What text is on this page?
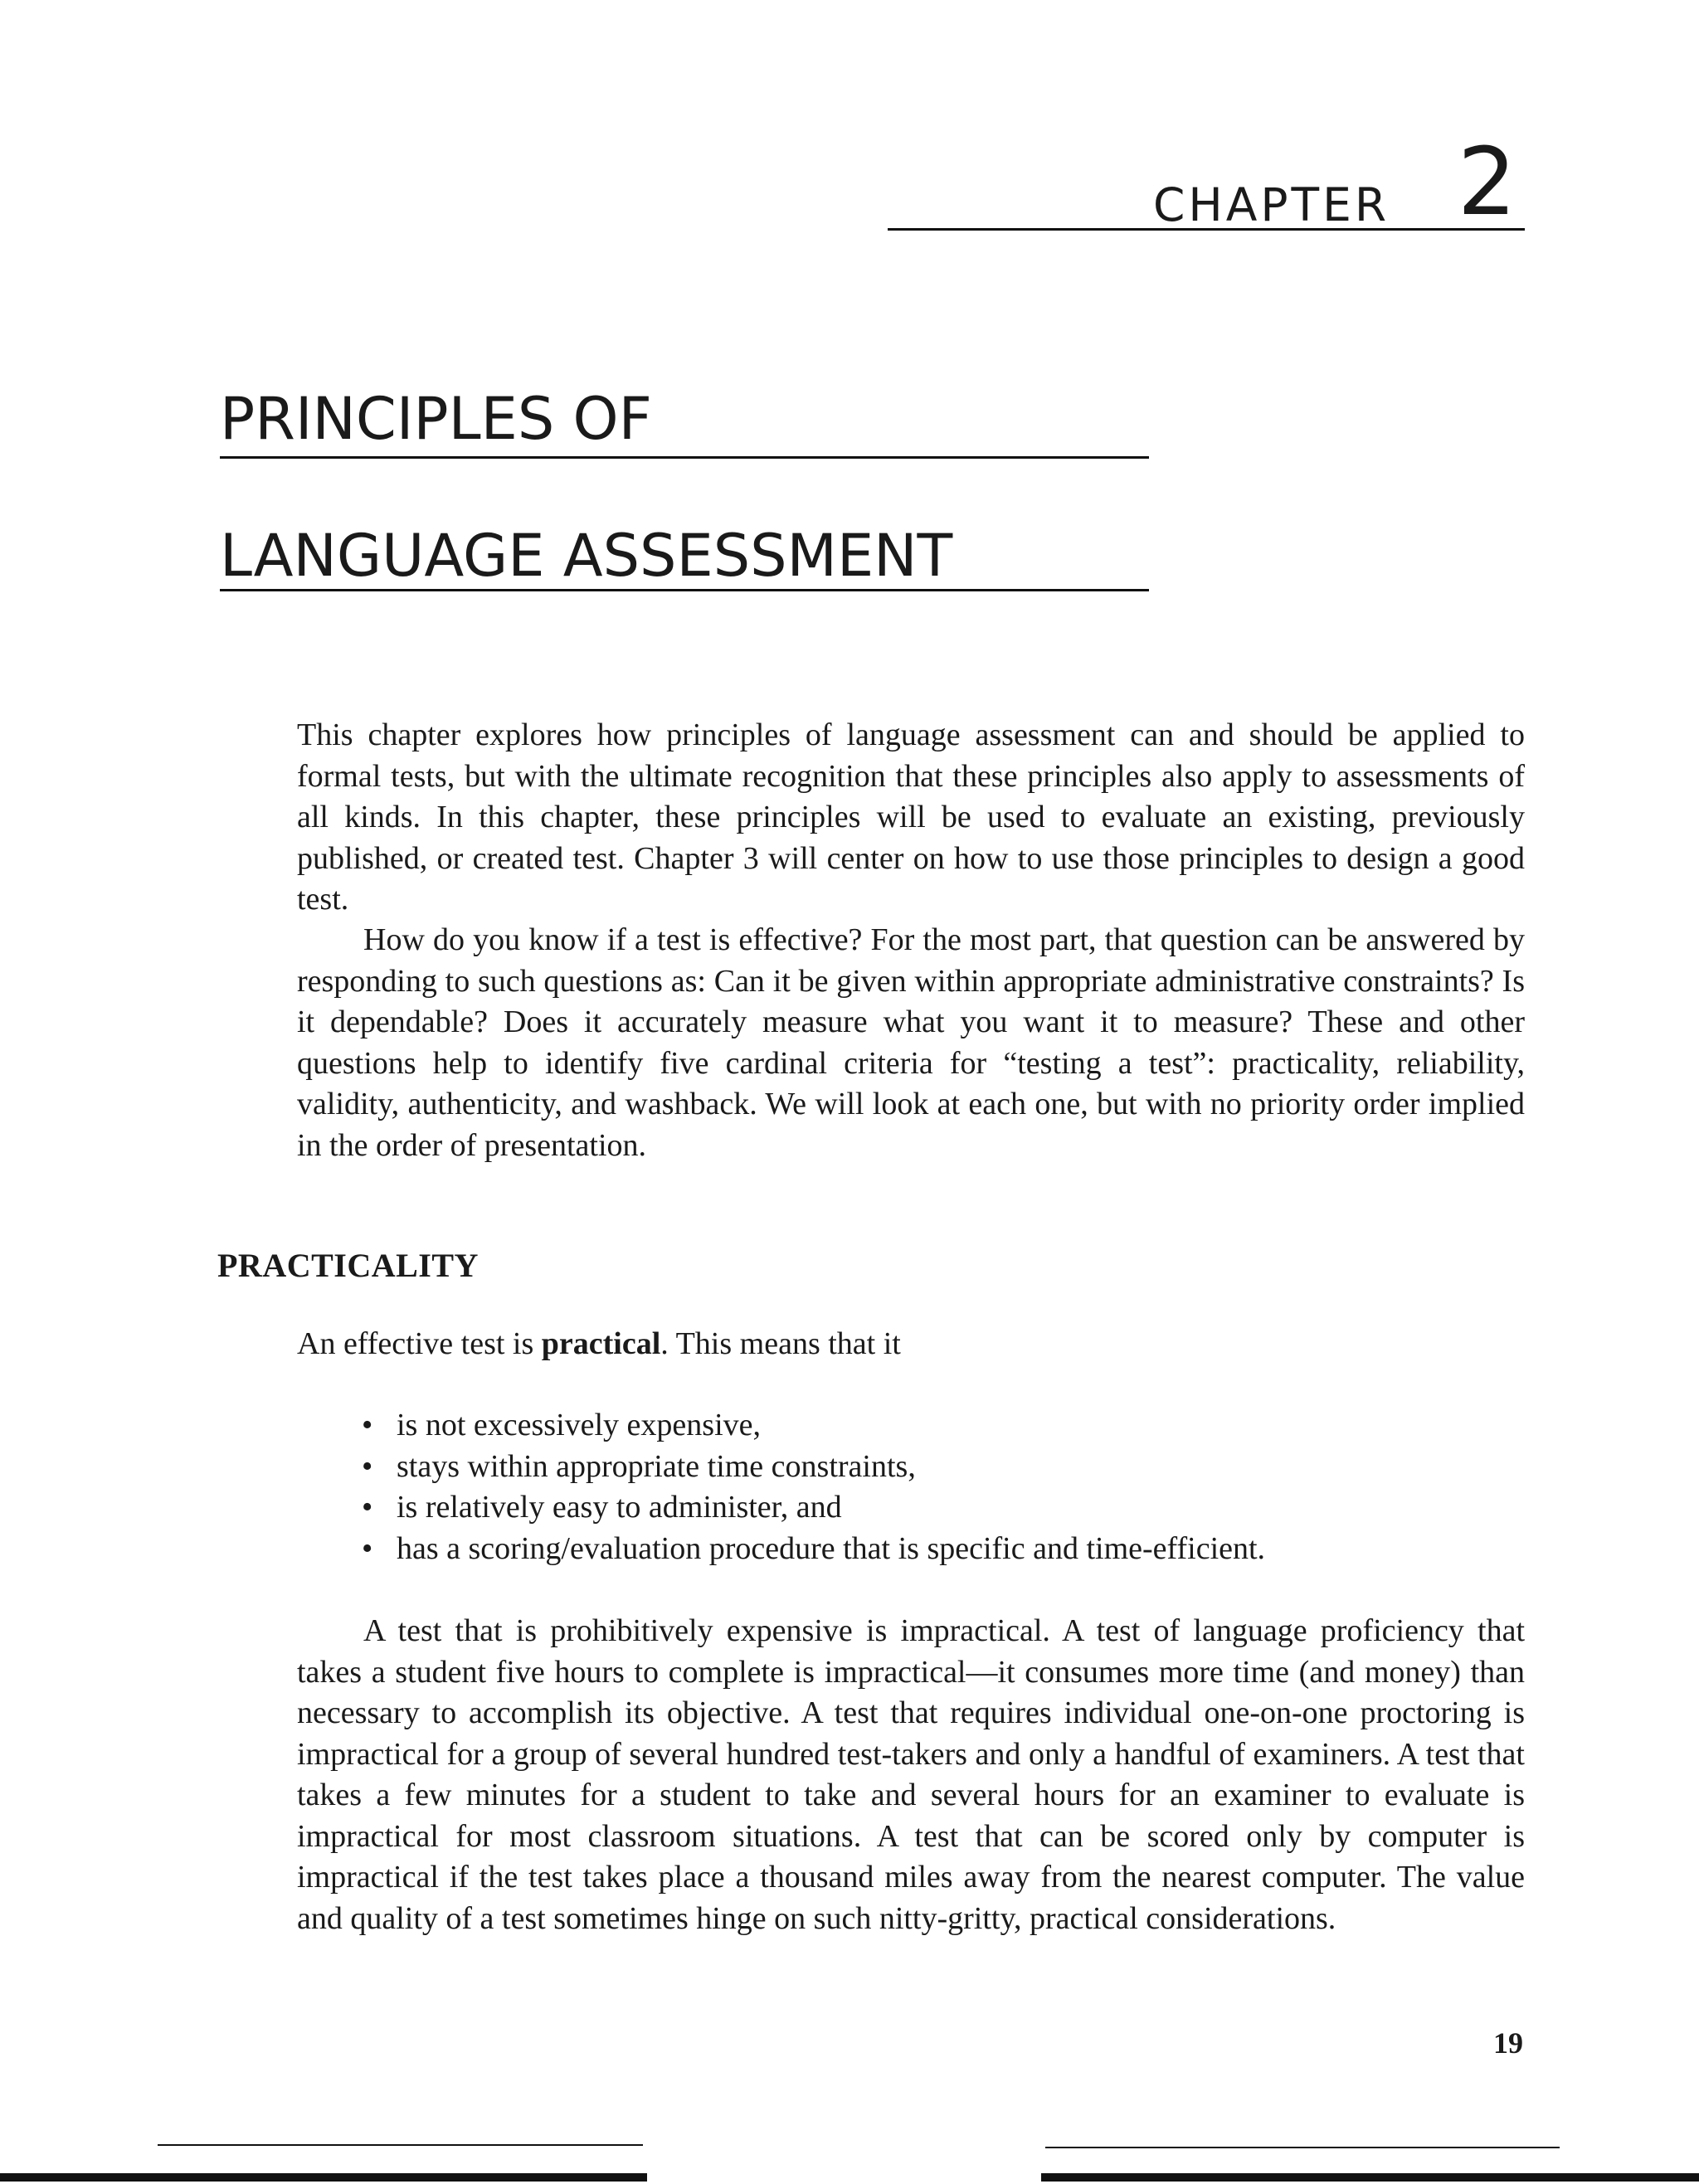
CHAPTER 2
PRINCIPLES OF
LANGUAGE ASSESSMENT

This chapter explores how principles of language assessment can and should be applied to formal tests, but with the ultimate recognition that these principles also apply to assessments of all kinds. In this chapter, these principles will be used to evaluate an existing, previously published, or created test. Chapter 3 will center on how to use those principles to design a good test.

How do you know if a test is effective? For the most part, that question can be answered by responding to such questions as: Can it be given within appropriate administrative constraints? Is it dependable? Does it accurately measure what you want it to measure? These and other questions help to identify five cardinal criteria for “testing a test”: practicality, reliability, validity, authenticity, and washback. We will look at each one, but with no priority order implied in the order of presentation.

PRACTICALITY

An effective test is practical. This means that it

• is not excessively expensive,
• stays within appropriate time constraints,
• is relatively easy to administer, and
• has a scoring/evaluation procedure that is specific and time-efficient.

A test that is prohibitively expensive is impractical. A test of language proficiency that takes a student five hours to complete is impractical—it consumes more time (and money) than necessary to accomplish its objective. A test that requires individual one-on-one proctoring is impractical for a group of several hundred test-takers and only a handful of examiners. A test that takes a few minutes for a student to take and several hours for an examiner to evaluate is impractical for most classroom situations. A test that can be scored only by computer is impractical if the test takes place a thousand miles away from the nearest computer. The value and quality of a test sometimes hinge on such nitty-gritty, practical considerations.

19
